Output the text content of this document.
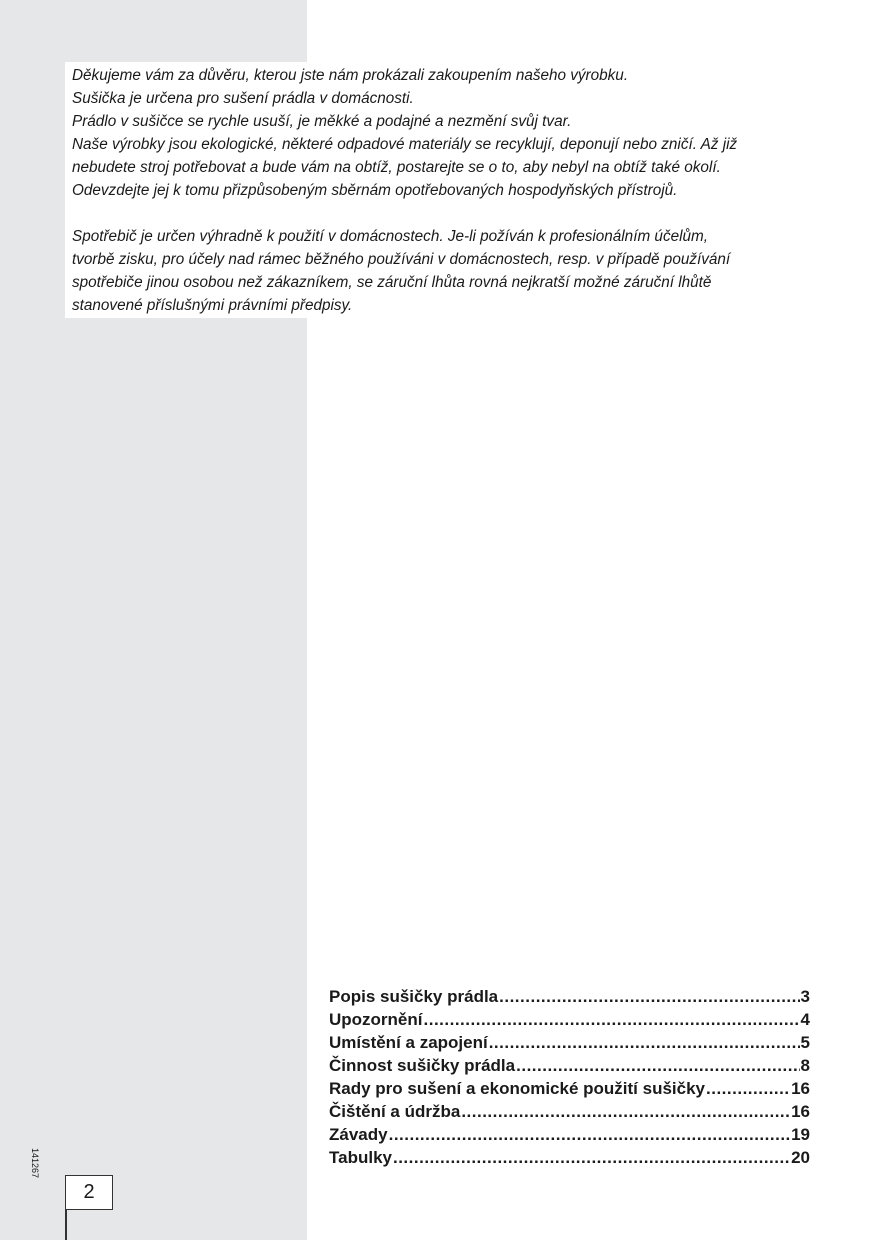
Děkujeme vám za důvěru, kterou jste nám prokázali zakoupením našeho výrobku.
Sušička je určena pro sušení prádla v domácnosti.
Prádlo v sušičce se rychle usuší, je měkké a podajné a nezmění svůj tvar.
Naše výrobky jsou ekologické, některé odpadové materiály se recyklují, deponují nebo zničí. Až již
nebudete stroj potřebovat a bude vám na obtíž, postarejte se o to, aby nebyl na obtíž také okolí.
Odevzdejte jej k tomu přizpůsobeným sběrnám opotřebovaných hospodyňských přístrojů.

Spotřebič je určen výhradně k použití v domácnostech. Je-li požíván k profesionálním účelům,
tvorbě zisku, pro účely nad rámec běžného používáni v domácnostech, resp. v případě používání
spotřebiče jinou osobou než zákazníkem, se záruční lhůta rovná nejkratší možné záruční lhůtě
stanovené příslušnými právními předpisy.

Popis sušičky prádla .....	3
Upozornění .....	4
Umístění a zapojení .....	5
Činnost sušičky prádla .....	8
Rady pro sušení a ekonomické použití sušičky .....	16
Čištění a údržba .....	16
Závady .....	19
Tabulky .....	20
141267
2
